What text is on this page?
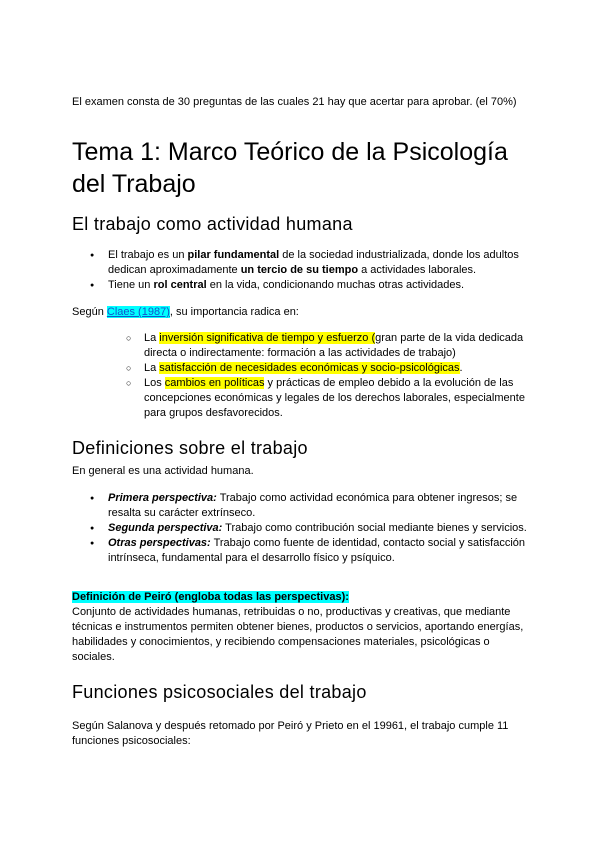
El examen consta de 30 preguntas de las cuales 21 hay que acertar para aprobar. (el 70%)
Tema 1: Marco Teórico de la Psicología del Trabajo
El trabajo como actividad humana
● El trabajo es un pilar fundamental de la sociedad industrializada, donde los adultos dedican aproximadamente un tercio de su tiempo a actividades laborales.
● Tiene un rol central en la vida, condicionando muchas otras actividades.
Según Claes (1987), su importancia radica en:
○ La inversión significativa de tiempo y esfuerzo (gran parte de la vida dedicada directa o indirectamente: formación a las actividades de trabajo)
○ La satisfacción de necesidades económicas y socio-psicológicas.
○ Los cambios en políticas y prácticas de empleo debido a la evolución de las concepciones económicas y legales de los derechos laborales, especialmente para grupos desfavorecidos.
Definiciones sobre el trabajo
En general es una actividad humana.
● Primera perspectiva: Trabajo como actividad económica para obtener ingresos; se resalta su carácter extrínseco.
● Segunda perspectiva: Trabajo como contribución social mediante bienes y servicios.
● Otras perspectivas: Trabajo como fuente de identidad, contacto social y satisfacción intrínseca, fundamental para el desarrollo físico y psíquico.
Definición de Peiró (engloba todas las perspectivas):
Conjunto de actividades humanas, retribuidas o no, productivas y creativas, que mediante técnicas e instrumentos permiten obtener bienes, productos o servicios, aportando energías, habilidades y conocimientos, y recibiendo compensaciones materiales, psicológicas o sociales.
Funciones psicosociales del trabajo
Según Salanova y después retomado por Peiró y Prieto en el 19961, el trabajo cumple 11 funciones psicosociales:
